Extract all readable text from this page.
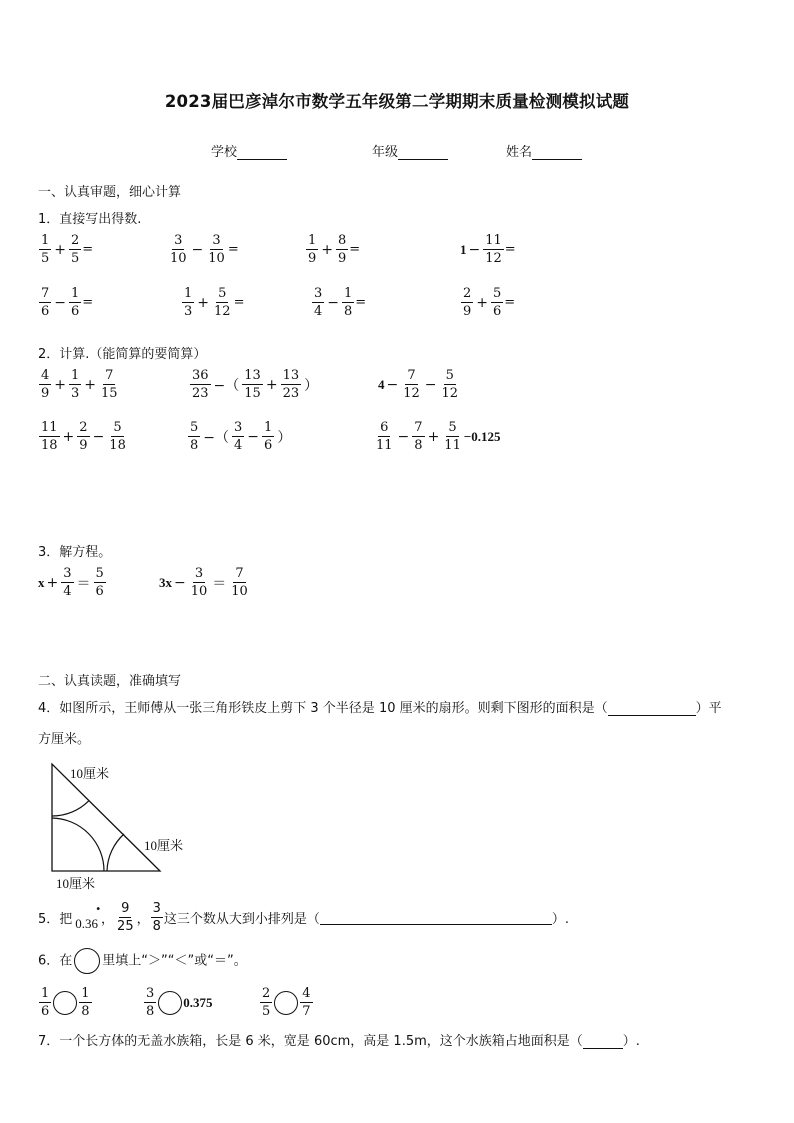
2023届巴彦淖尔市数学五年级第二学期期末质量检测模拟试题
学校	年级	姓名
一、认真审题，细心计算
1．直接写出得数.
$\frac{1}{5} + \frac{2}{5}$ =	$\frac{3}{10} - \frac{3}{10}$ =	$\frac{1}{9} + \frac{8}{9}$ =	$1 - \frac{11}{12}$ =
$\frac{7}{6} - \frac{1}{6}$ =	$\frac{1}{3} + \frac{5}{12}$ =	$\frac{3}{4} - \frac{1}{8}$ =	$\frac{2}{9} + \frac{5}{6}$ =
2．计算.（能简算的要简算）
$\frac{4}{9} + \frac{1}{3} + \frac{7}{15}$	$\frac{36}{23}$ −（ $\frac{13}{15} + \frac{13}{23}$ ）	$4 - \frac{7}{12} - \frac{5}{12}$
$\frac{11}{18} + \frac{2}{9} - \frac{5}{18}$	$\frac{5}{8}$ −（ $\frac{3}{4} - \frac{1}{6}$ ）	$\frac{6}{11} - \frac{7}{8} + \frac{5}{11} -0.125$
3．解方程。
$x + \frac{3}{4} = \frac{5}{6}$	$3x - \frac{3}{10} = \frac{7}{10}$
二、认真读题，准确填写
4．如图所示，王师傅从一张三角形铁皮上剪下 3 个半径是 10 厘米的扇形。则剩下图形的面积是（	）平
方厘米。
10厘米
10厘米
10厘米
5．把 0.36
•
， $\frac{9}{25}$ ， $\frac{3}{8}$ 这三个数从大到小排列是（	）.
6．在 里填上“＞”“＜”或“＝”。
$\frac{1}{6} \frac{1}{8}$	$\frac{3}{8} 0.375$	$\frac{2}{5} \frac{4}{7}$
7．一个长方体的无盖水族箱，长是 6 米，宽是 60cm，高是 1.5m，这个水族箱占地面积是（	）.
